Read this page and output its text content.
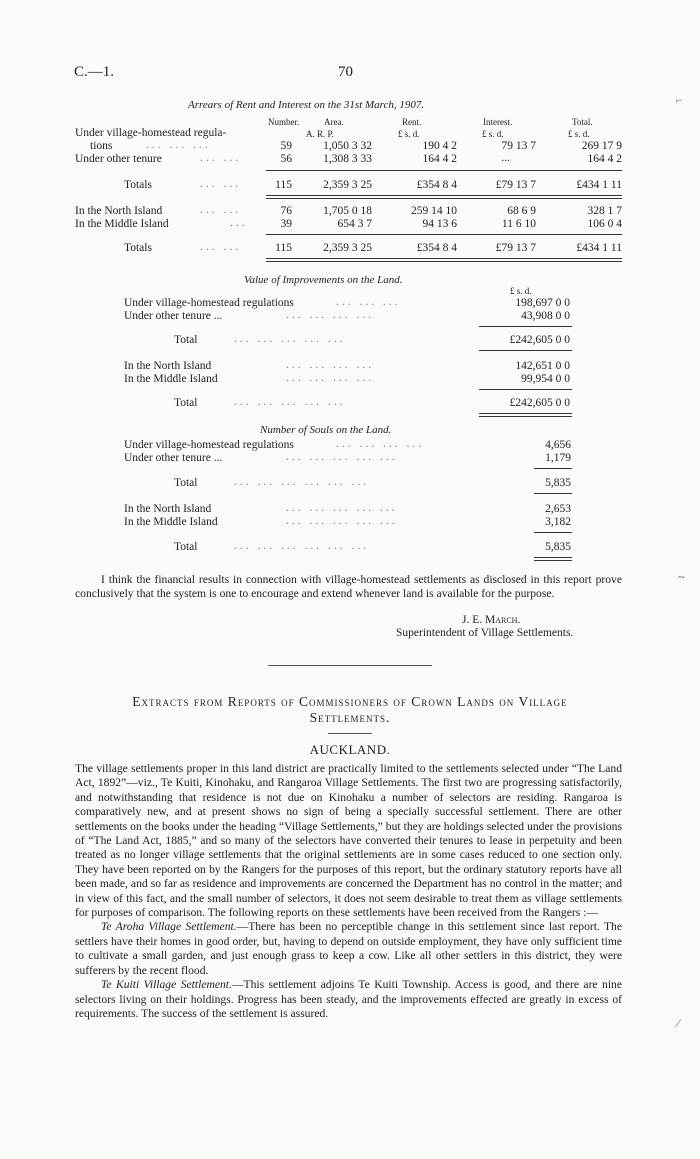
C.—1.	70
Arrears of Rent and Interest on the 31st March, 1907.
Number.	Area.	Rent.	Interest.	Total.
A. R. P.	£ s. d.	£ s. d.	£ s. d.
Under village-homestead regula-
tions	... ... ...	59	1,050 3 32	190 4 2	79 13 7	269 17 9
Under other tenure	... ...	56	1,308 3 33	164 4 2	...	164 4 2
Totals	... ...	115	2,359 3 25	£354 8 4	£79 13 7	£434 1 11
In the North Island	... ...	76	1,705 0 18	259 14 10	68 6 9	328 1 7
In the Middle Island	...	39	654 3 7	94 13 6	11 6 10	106 0 4
Totals	... ...	115	2,359 3 25	£354 8 4	£79 13 7	£434 1 11
Value of Improvements on the Land.
£ s. d.
Under village-homestead regulations	... ... ...	198,697 0 0
Under other tenure ...	... ... ... ...	43,908 0 0
Total	... ... ... ... ...	£242,605 0 0
In the North Island	... ... ... ...	142,651 0 0
In the Middle Island	... ... ... ...	99,954 0 0
Total	... ... ... ... ...	£242,605 0 0
Number of Souls on the Land.
Under village-homestead regulations	... ... ... ...	4,656
Under other tenure ...	... ... ... ... ...	1,179
Total	... ... ... ... ... ...	5,835
In the North Island	... ... ... ... ...	2,653
In the Middle Island	... ... ... ... ...	3,182
Total	... ... ... ... ... ...	5,835
I think the financial results in connection with village-homestead settlements as disclosed in this report prove conclusively that the system is one to encourage and extend whenever land is available for the purpose.
J. E. March.
Superintendent of Village Settlements.
Extracts from Reports of Commissioners of Crown Lands on Village
Settlements.
AUCKLAND.

The village settlements proper in this land district are practically limited to the settlements selected under “The Land Act, 1892”—viz., Te Kuiti, Kinohaku, and Rangaroa Village Settlements. The first two are progressing satisfactorily, and notwithstanding that residence is not due on Kinohaku a number of selectors are residing. Rangaroa is comparatively new, and at present shows no sign of being a specially successful settlement. There are other settlements on the books under the heading “Village Settlements,” but they are holdings selected under the provisions of “The Land Act, 1885,” and so many of the selectors have converted their tenures to lease in perpetuity and been treated as no longer village settlements that the original settlements are in some cases reduced to one section only. They have been reported on by the Rangers for the purposes of this report, but the ordinary statutory reports have all been made, and so far as residence and improvements are concerned the Department has no control in the matter; and in view of this fact, and the small number of selectors, it does not seem desirable to treat them as village settlements for purposes of comparison. The following reports on these settlements have been received from the Rangers :—

Te Aroha Village Settlement.—There has been no perceptible change in this settlement since last report. The settlers have their homes in good order, but, having to depend on outside employment, they have only sufficient time to cultivate a small garden, and just enough grass to keep a cow. Like all other settlers in this district, they were sufferers by the recent flood.

Te Kuiti Village Settlement.—This settlement adjoins Te Kuiti Township. Access is good, and there are nine selectors living on their holdings. Progress has been steady, and the improvements effected are greatly in excess of requirements. The success of the settlement is assured.

⌐
~
⁄
